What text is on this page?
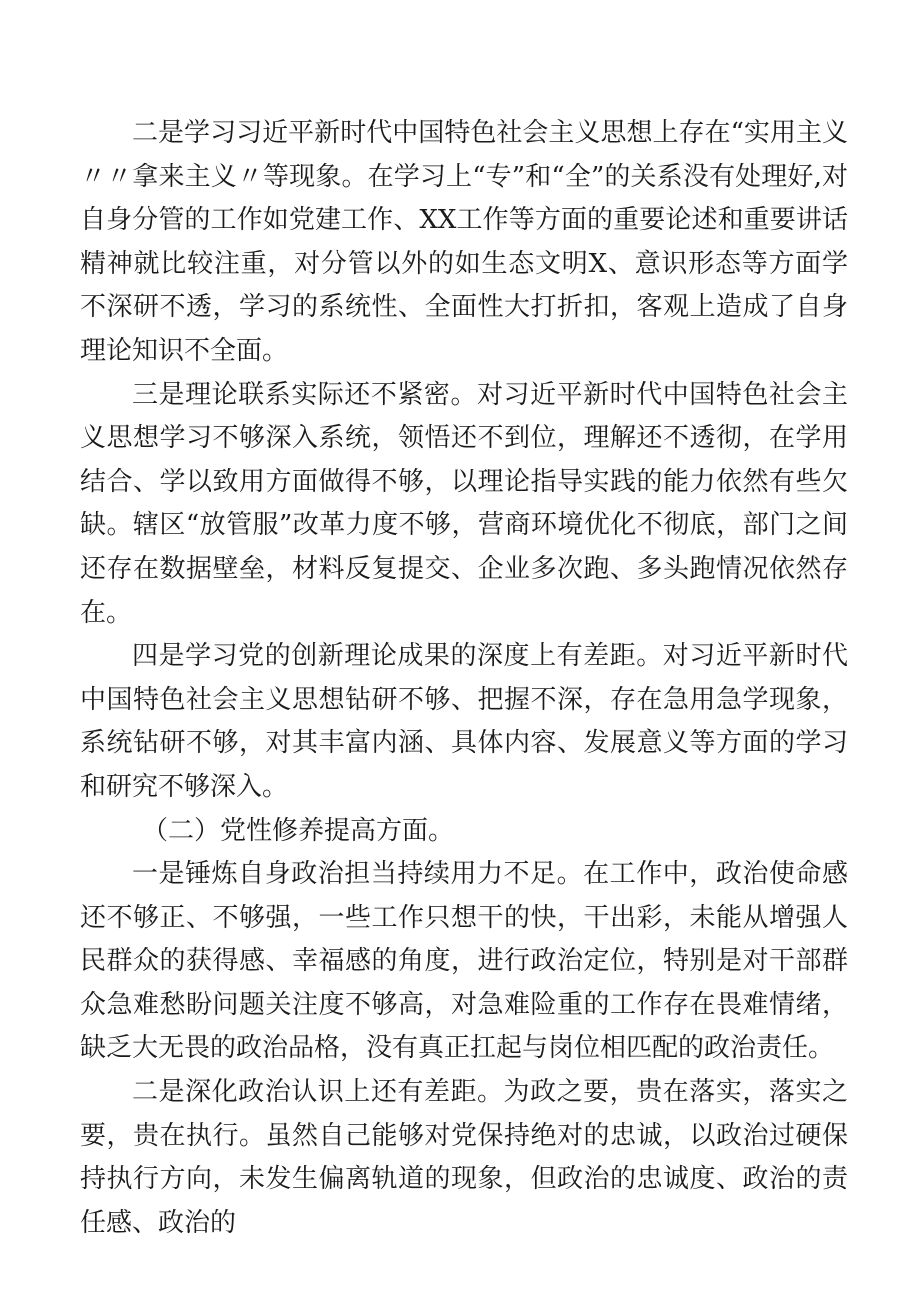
二是学习习近平新时代中国特色社会主义思想上存在“实用主义〃〃拿来主义〃等现象。在学习上“专”和“全”的关系没有处理好,对自身分管的工作如党建工作、XX工作等方面的重要论述和重要讲话精神就比较注重，对分管以外的如生态文明X、意识形态等方面学不深研不透，学习的系统性、全面性大打折扣，客观上造成了自身理论知识不全面。

三是理论联系实际还不紧密。对习近平新时代中国特色社会主义思想学习不够深入系统，领悟还不到位，理解还不透彻，在学用结合、学以致用方面做得不够，以理论指导实践的能力依然有些欠缺。辖区“放管服”改革力度不够，营商环境优化不彻底，部门之间还存在数据壁垒，材料反复提交、企业多次跑、多头跑情况依然存在。

四是学习党的创新理论成果的深度上有差距。对习近平新时代中国特色社会主义思想钻研不够、把握不深，存在急用急学现象，系统钻研不够，对其丰富内涵、具体内容、发展意义等方面的学习和研究不够深入。

（二）党性修养提高方面。

一是锤炼自身政治担当持续用力不足。在工作中，政治使命感还不够正、不够强，一些工作只想干的快，干出彩，未能从增强人民群众的获得感、幸福感的角度，进行政治定位，特别是对干部群众急难愁盼问题关注度不够高，对急难险重的工作存在畏难情绪，缺乏大无畏的政治品格，没有真正扛起与岗位相匹配的政治责任。

二是深化政治认识上还有差距。为政之要，贵在落实，落实之要，贵在执行。虽然自己能够对党保持绝对的忠诚，以政治过硬保持执行方向，未发生偏离轨道的现象，但政治的忠诚度、政治的责任感、政治的
